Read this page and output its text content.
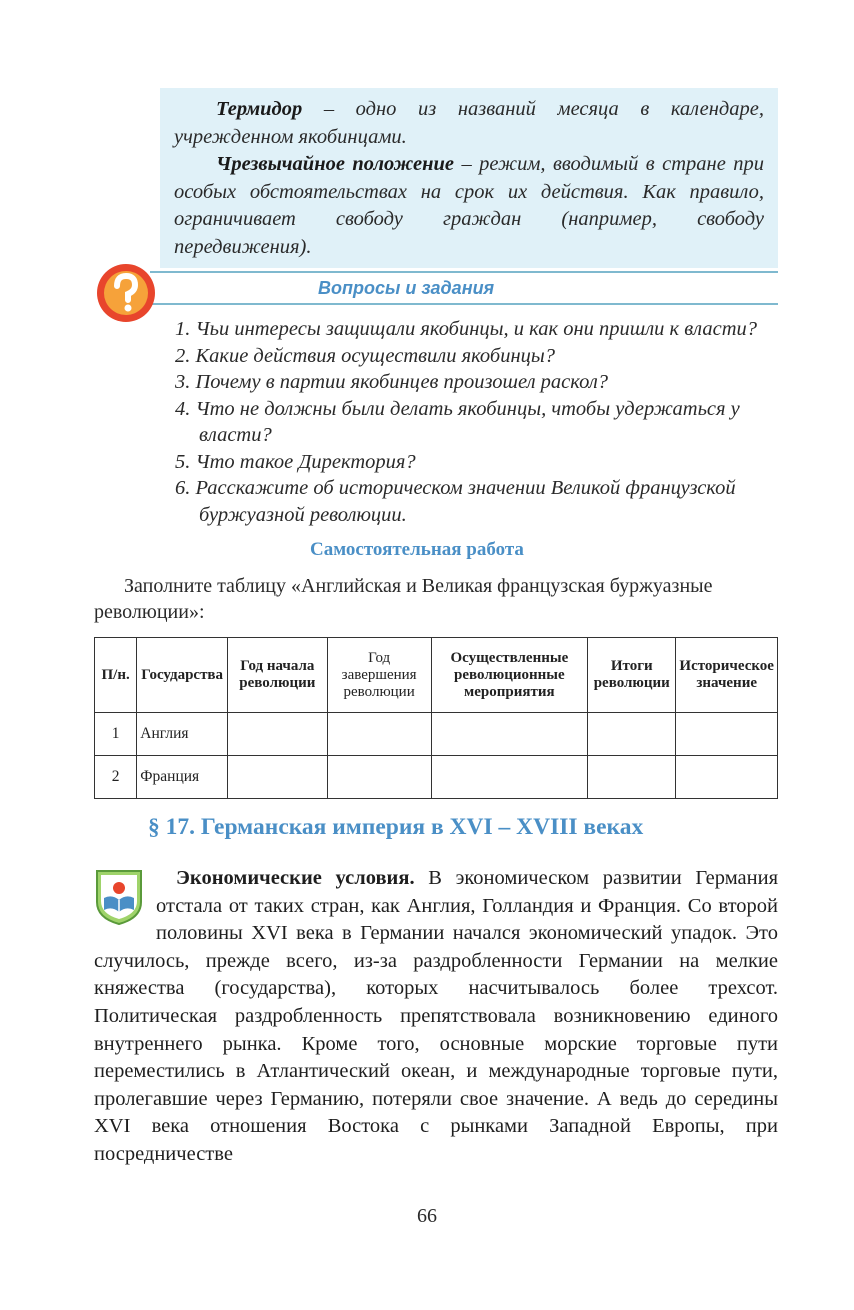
Термидор – одно из названий месяца в календаре, учрежденном якобинцами.

Чрезвычайное положение – режим, вводимый в стране при особых обстоятельствах на срок их действия. Как правило, ограничивает свободу граждан (например, свободу передвижения).

Вопросы и задания
1. Чьи интересы защищали якобинцы, и как они пришли к власти?
2. Какие действия осуществили якобинцы?
3. Почему в партии якобинцев произошел раскол?
4. Что не должны были делать якобинцы, чтобы удержаться у власти?
5. Что такое Директория?
6. Расскажите об историческом значении Великой французской буржуазной революции.
Самостоятельная работа

Заполните таблицу «Английская и Великая французская буржуазные революции»:

П/н.	Государства	Год начала революции	Год завершения революции	Осуществленные революционные мероприятия	Итоги революции	Историческое значение
1	Англия					
2	Франция					
§ 17. Германская империя в XVI – XVIII веках

Экономические условия. В экономическом развитии Германия отстала от таких стран, как Англия, Голландия и Франция. Со второй половины XVI века в Германии начался экономический упадок. Это случилось, прежде всего, из-за раздробленности Германии на мелкие княжества (государства), которых насчитывалось более трехсот. Политическая раздробленность препятствовала возникновению единого внутреннего рынка. Кроме того, основные морские торговые пути переместились в Атлантический океан, и международные торговые пути, пролегавшие через Германию, потеряли свое значение. А ведь до середины XVI века отношения Востока с рынками Западной Европы, при посредничестве

66
